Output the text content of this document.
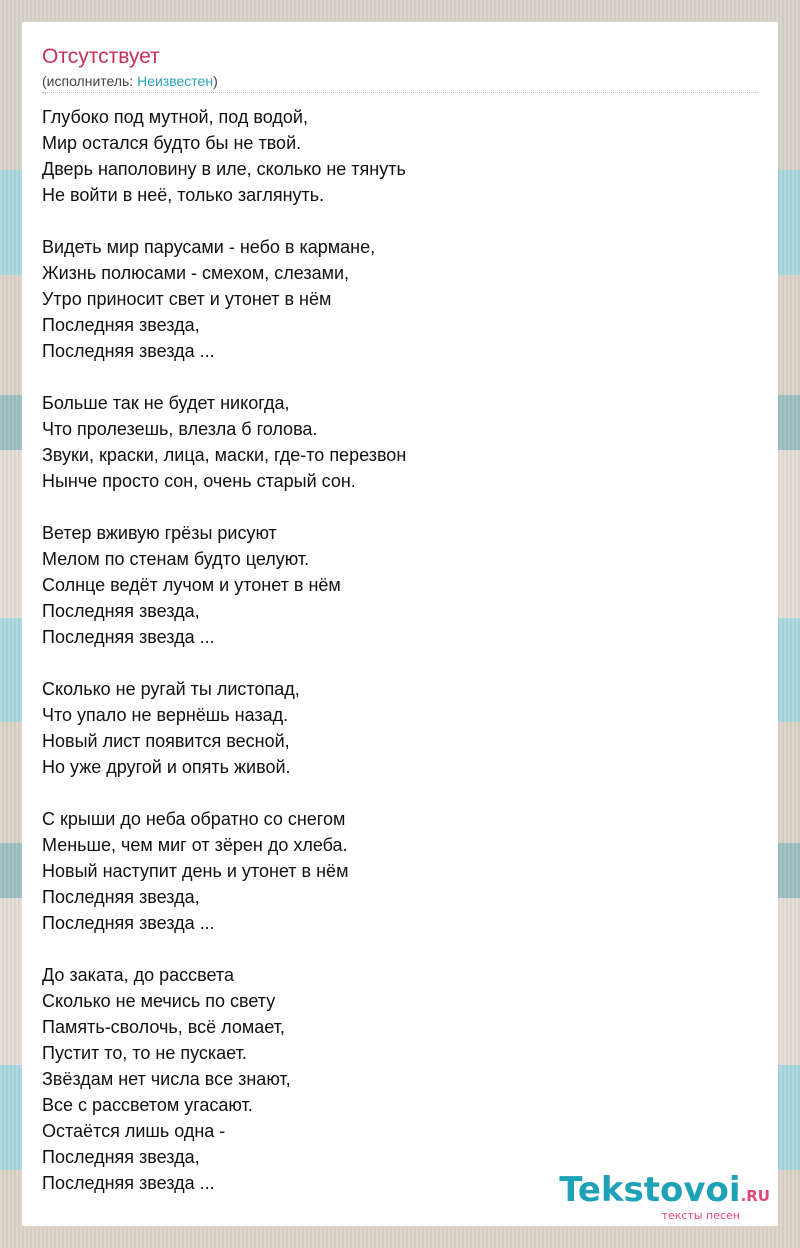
Отсутствует
(исполнитель: Неизвестен)
Глубоко под мутной, под водой,
Мир остался будто бы не твой.
Дверь наполовину в иле, сколько не тянуть
Не войти в неё, только заглянуть.
Видеть мир парусами - небо в кармане,
Жизнь полюсами - смехом, слезами,
Утро приносит свет и утонет в нём
Последняя звезда,
Последняя звезда ...
Больше так не будет никогда,
Что пролезешь, влезла б голова.
Звуки, краски, лица, маски, где-то перезвон
Нынче просто сон, очень старый сон.
Ветер вживую грёзы рисуют
Мелом по стенам будто целуют.
Солнце ведёт лучом и утонет в нём
Последняя звезда,
Последняя звезда ...
Сколько не ругай ты листопад,
Что упало не вернёшь назад.
Новый лист появится весной,
Но уже другой и опять живой.
С крыши до неба обратно со снегом
Меньше, чем миг от зёрен до хлеба.
Новый наступит день и утонет в нём
Последняя звезда,
Последняя звезда ...
До заката, до рассвета
Сколько не мечись по свету
Память-сволочь, всё ломает,
Пустит то, то не пускает.
Звёздам нет числа все знают,
Все с рассветом угасают.
Остаётся лишь одна -
Последняя звезда,
Последняя звезда ...	Tekstovoi.RU
тексты песен
